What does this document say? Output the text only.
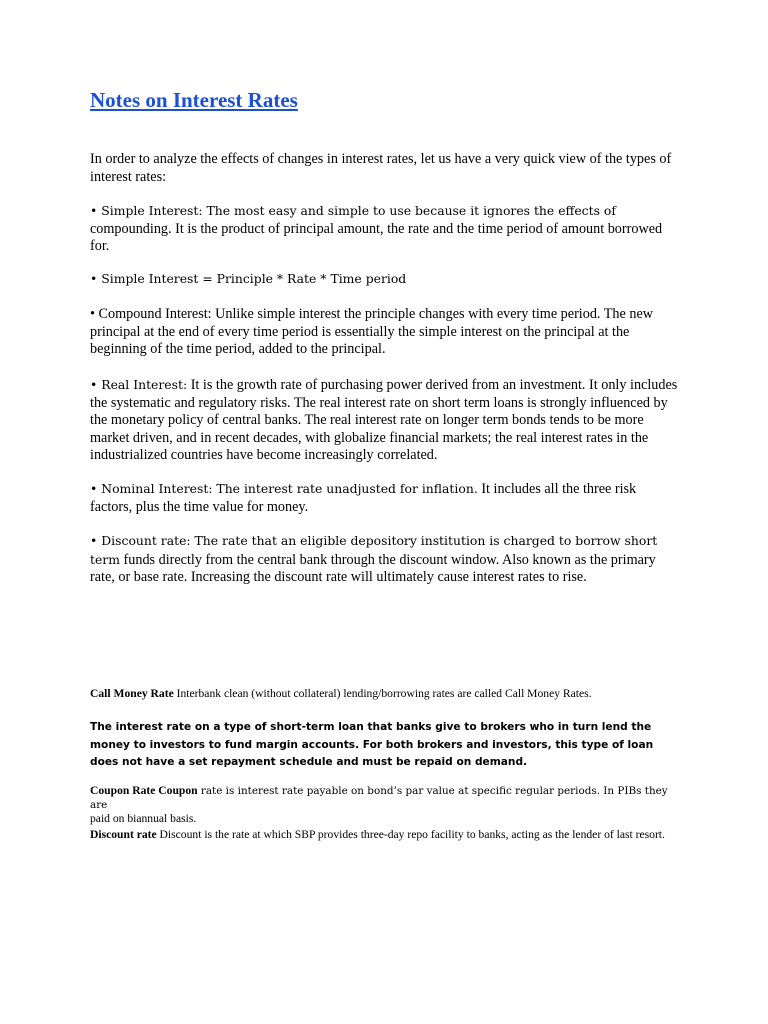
Notes on Interest Rates

In order to analyze the effects of changes in interest rates, let us have a very quick view of the types of interest rates:

• Simple Interest: The most easy and simple to use because it ignores the effects of compounding. It is the product of principal amount, the rate and the time period of amount borrowed for.

• Simple Interest = Principle * Rate * Time period

• Compound Interest: Unlike simple interest the principle changes with every time period. The new principal at the end of every time period is essentially the simple interest on the principal at the beginning of the time period, added to the principal.

• Real Interest: It is the growth rate of purchasing power derived from an investment. It only includes the systematic and regulatory risks. The real interest rate on short term loans is strongly influenced by the monetary policy of central banks. The real interest rate on longer term bonds tends to be more market driven, and in recent decades, with globalize financial markets; the real interest rates in the industrialized countries have become increasingly correlated.

• Nominal Interest: The interest rate unadjusted for inflation. It includes all the three risk factors, plus the time value for money.

• Discount rate: The rate that an eligible depository institution is charged to borrow short term funds directly from the central bank through the discount window. Also known as the primary rate, or base rate. Increasing the discount rate will ultimately cause interest rates to rise.

Call Money Rate Interbank clean (without collateral) lending/borrowing rates are called Call Money Rates.

The interest rate on a type of short-term loan that banks give to brokers who in turn lend the money to investors to fund margin accounts. For both brokers and investors, this type of loan does not have a set repayment schedule and must be repaid on demand.

Coupon Rate Coupon rate is interest rate payable on bond’s par value at specific regular periods. In PIBs they are
paid on biannual basis.

Discount rate Discount is the rate at which SBP provides three-day repo facility to banks, acting as the lender of last resort.
